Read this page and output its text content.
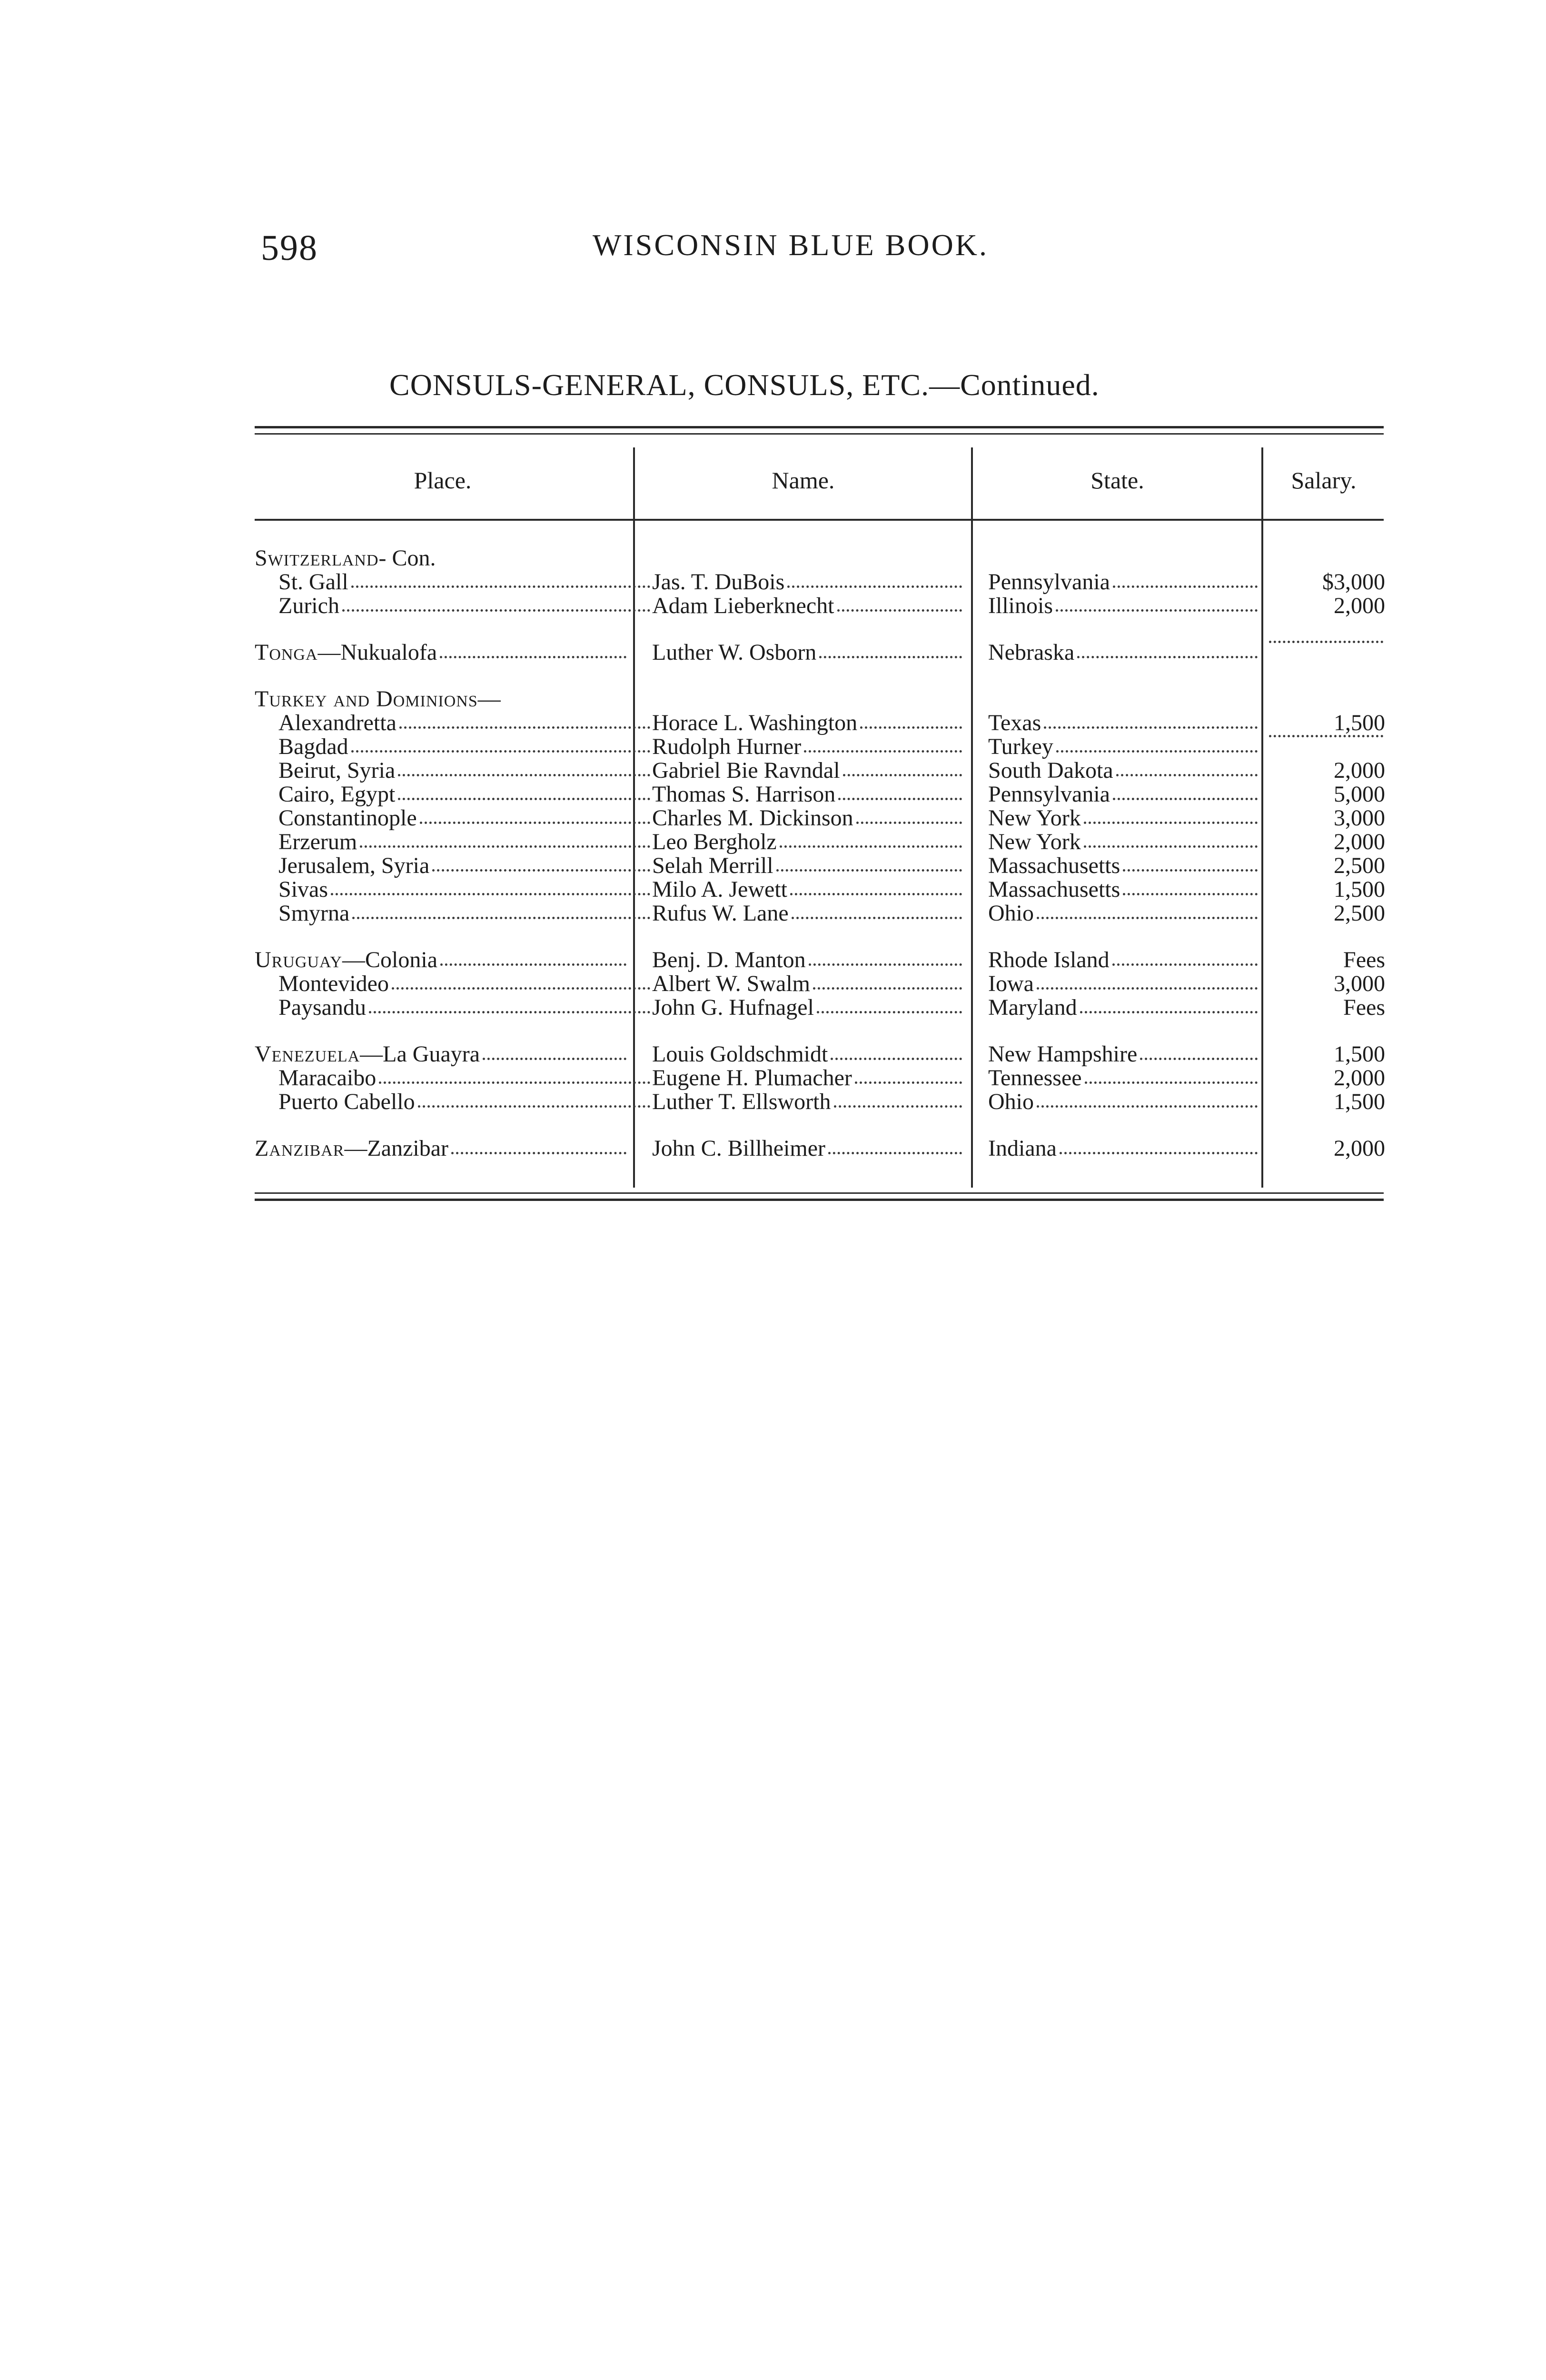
598	WISCONSIN BLUE BOOK.
CONSULS-GENERAL, CONSULS, ETC.—Continued.
Place.	Name.	State.	Salary.
Switzerland- Con.
St. Gall	Jas. T. DuBois	Pennsylvania	$3,000
Zurich	Adam Lieberknecht	Illinois	2,000
Tonga—Nukualofa	Luther W. Osborn	Nebraska
Turkey and Dominions—
Alexandretta	Horace L. Washington	Texas	1,500
Bagdad	Rudolph Hurner	Turkey
Beirut, Syria	Gabriel Bie Ravndal	South Dakota	2,000
Cairo, Egypt	Thomas S. Harrison	Pennsylvania	5,000
Constantinople	Charles M. Dickinson	New York	3,000
Erzerum	Leo Bergholz	New York	2,000
Jerusalem, Syria	Selah Merrill	Massachusetts	2,500
Sivas	Milo A. Jewett	Massachusetts	1,500
Smyrna	Rufus W. Lane	Ohio	2,500
Uruguay—Colonia	Benj. D. Manton	Rhode Island	Fees
Montevideo	Albert W. Swalm	Iowa	3,000
Paysandu	John G. Hufnagel	Maryland	Fees
Venezuela—La Guayra	Louis Goldschmidt	New Hampshire	1,500
Maracaibo	Eugene H. Plumacher	Tennessee	2,000
Puerto Cabello	Luther T. Ellsworth	Ohio	1,500
Zanzibar—Zanzibar	John C. Billheimer	Indiana	2,000
